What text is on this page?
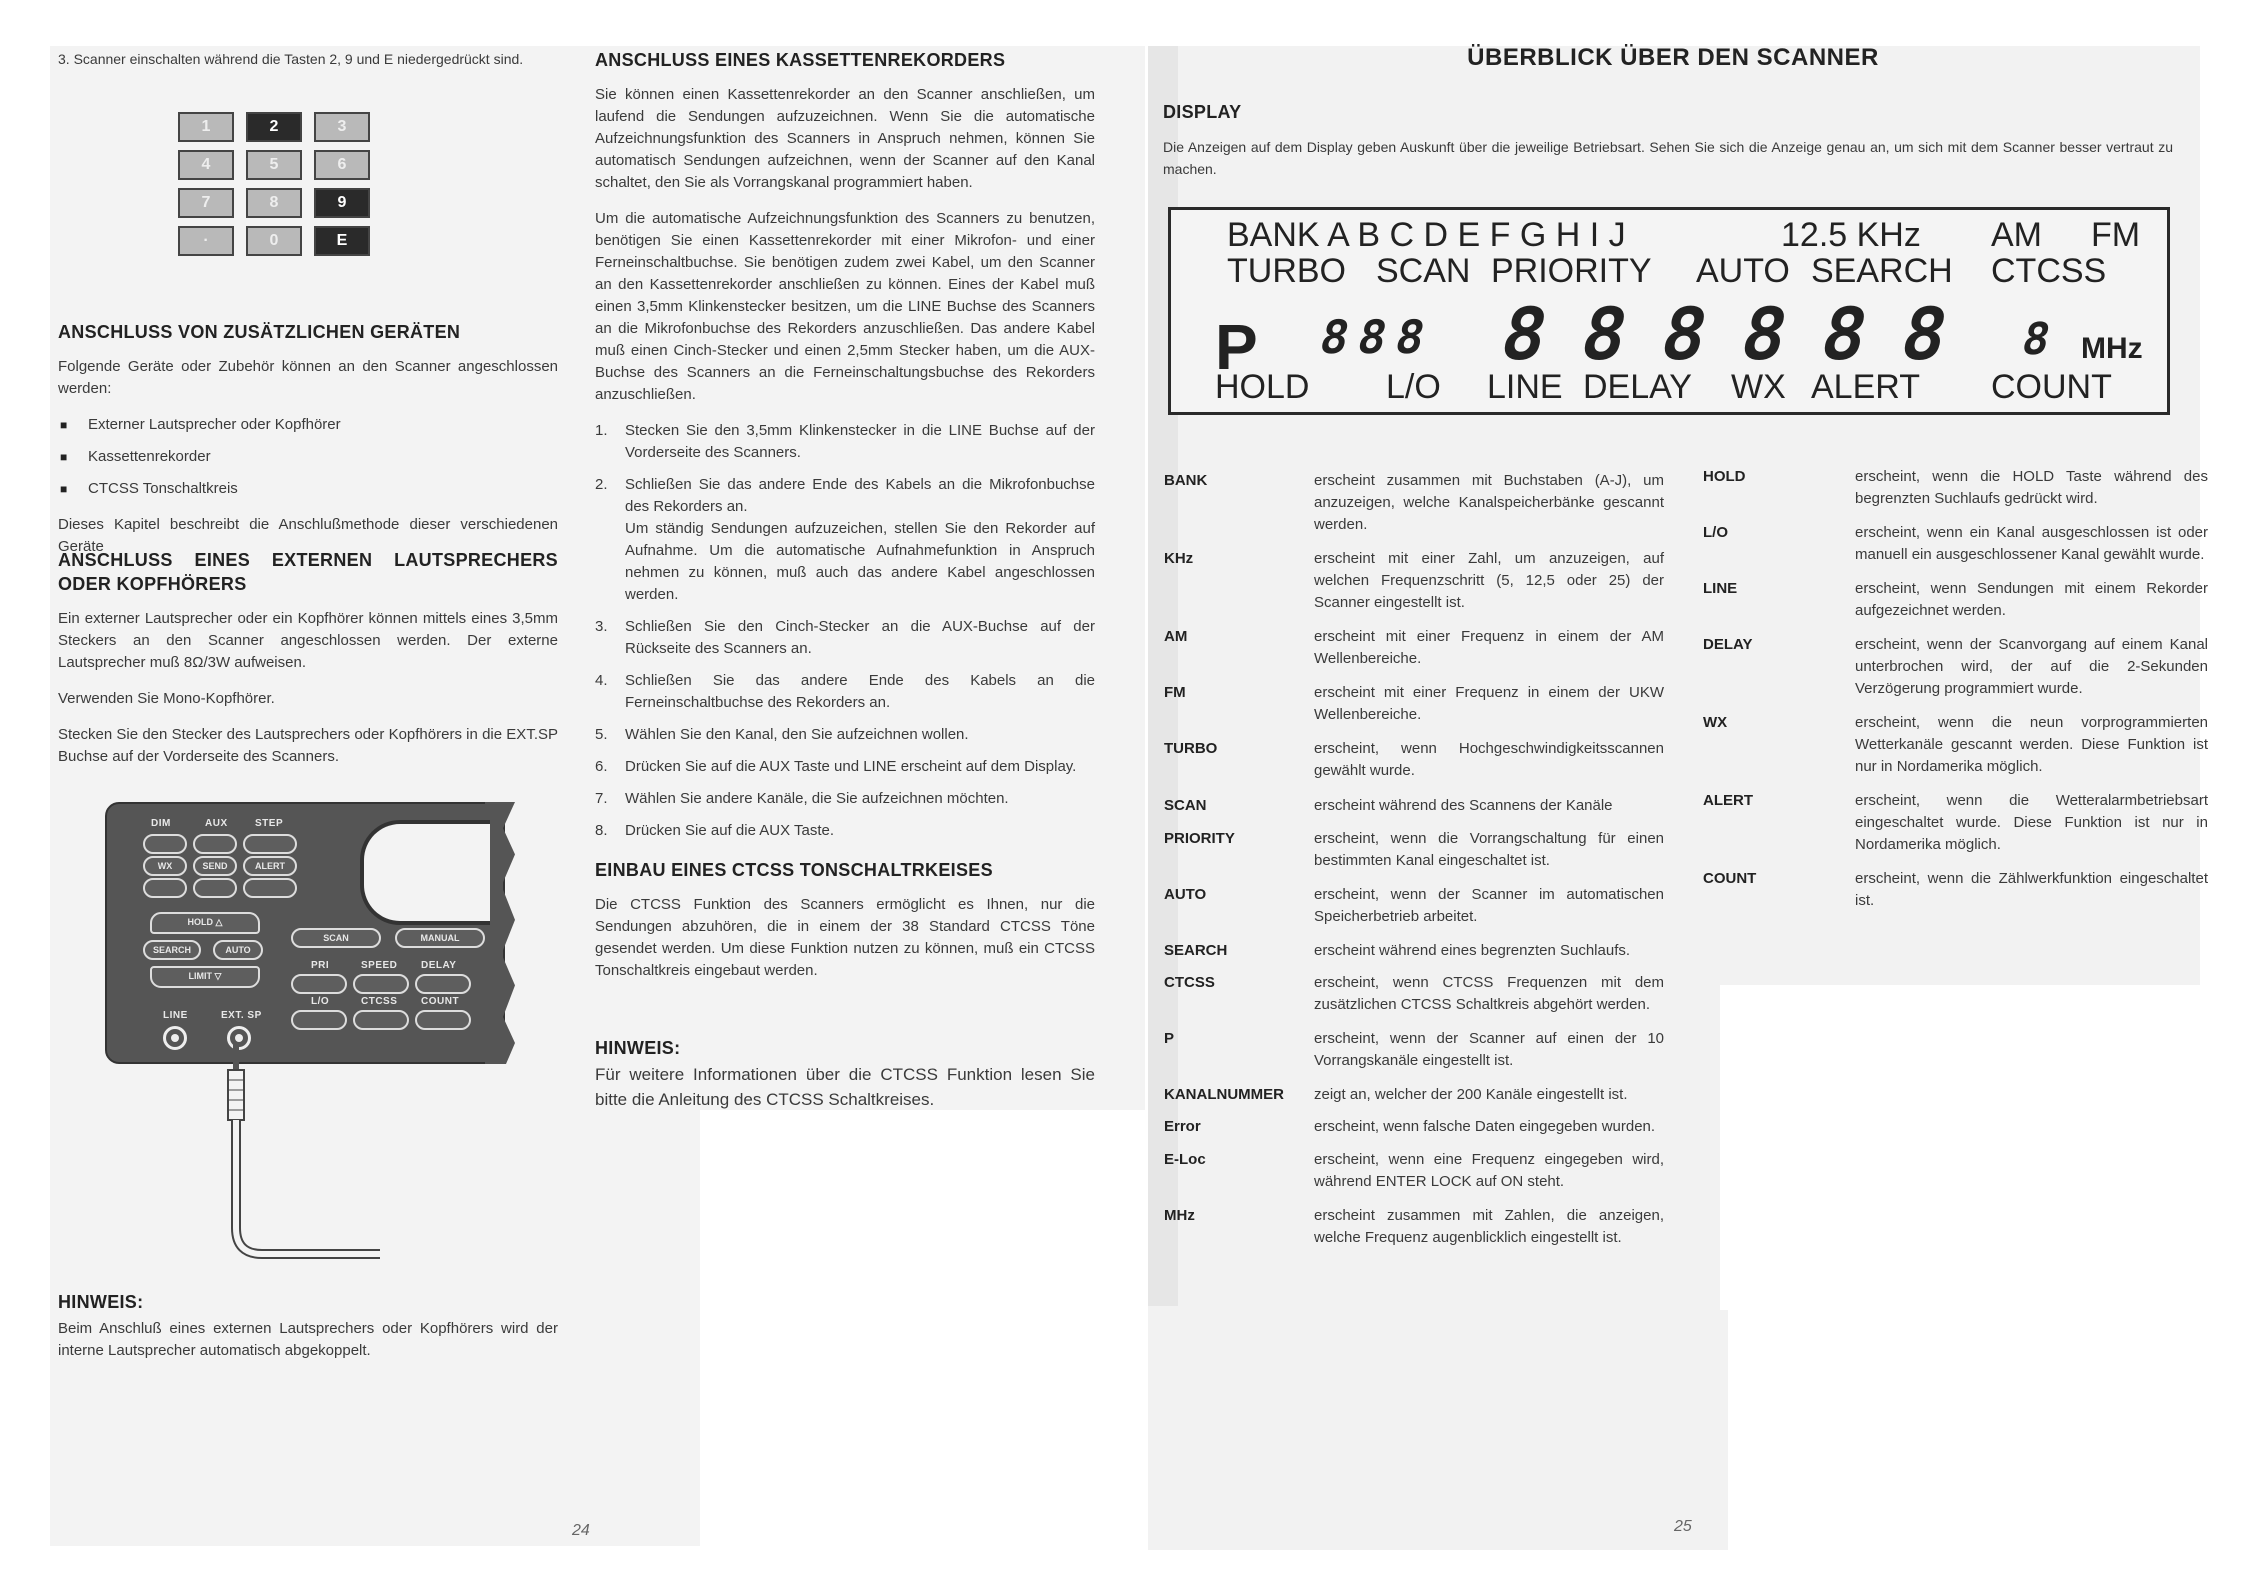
3. Scanner einschalten während die Tasten 2, 9 und E niedergedrückt sind.
1	2	3
4	5	6
7	8	9
·	0	E
ANSCHLUSS VON ZUSÄTZLICHEN GERÄTEN

Folgende Geräte oder Zubehör können an den Scanner angeschlossen werden:

■ Externer Lautsprecher oder Kopfhörer
■ Kassettenrekorder
■ CTCSS Tonschaltkreis

Dieses Kapitel beschreibt die Anschlußmethode dieser verschiedenen Geräte

ANSCHLUSS EINES EXTERNEN LAUTSPRECHERS ODER KOPFHÖRERS

Ein externer Lautsprecher oder ein Kopfhörer können mittels eines 3,5mm Steckers an den Scanner angeschlossen werden. Der externe Lautsprecher muß 8Ω/3W aufweisen.

Verwenden Sie Mono-Kopfhörer.

Stecken Sie den Stecker des Lautsprechers oder Kopfhörers in die EXT.SP Buchse auf der Vorderseite des Scanners.

DIM	AUX	STEP
WX	SEND	ALERT
HOLD △
SEARCH	AUTO
LIMIT ▽
SCAN	MANUAL
PRI	SPEED DELAY
L/O	CTCSS COUNT
LINE	EXT. SP
HINWEIS:

Beim Anschluß eines externen Lautsprechers oder Kopfhörers wird der interne Lautsprecher automatisch abgekoppelt.

ANSCHLUSS EINES KASSETTENREKORDERS

Sie können einen Kassettenrekorder an den Scanner anschließen, um laufend die Sendungen aufzuzeichnen. Wenn Sie die automatische Aufzeichnungsfunktion des Scanners in Anspruch nehmen, können Sie automatisch Sendungen aufzeichnen, wenn der Scanner auf den Kanal schaltet, den Sie als Vorrangskanal programmiert haben.

Um die automatische Aufzeichnungsfunktion des Scanners zu benutzen, benötigen Sie einen Kassettenrekorder mit einer Mikrofon- und einer Ferneinschaltbuchse. Sie benötigen zudem zwei Kabel, um den Scanner an den Kassettenrekorder anschließen zu können. Eines der Kabel muß einen 3,5mm Klinkenstecker besitzen, um die LINE Buchse des Scanners an die Mikrofonbuchse des Rekorders anzuschließen. Das andere Kabel muß einen Cinch-Stecker und einen 2,5mm Stecker haben, um die AUX-Buchse des Scanners an die Ferneinschaltungsbuchse des Rekorders anzuschließen.

1. Stecken Sie den 3,5mm Klinkenstecker in die LINE Buchse auf der Vorderseite des Scanners.
2. Schließen Sie das andere Ende des Kabels an die Mikrofonbuchse des Rekorders an.
Um ständig Sendungen aufzuzeichen, stellen Sie den Rekorder auf Aufnahme. Um die automatische Aufnahmefunktion in Anspruch nehmen zu können, muß auch das andere Kabel angeschlossen werden.
3. Schließen Sie den Cinch-Stecker an die AUX-Buchse auf der Rückseite des Scanners an.
4. Schließen Sie das andere Ende des Kabels an die Ferneinschaltbuchse des Rekorders an.
5. Wählen Sie den Kanal, den Sie aufzeichnen wollen.
6. Drücken Sie auf die AUX Taste und LINE erscheint auf dem Display.
7. Wählen Sie andere Kanäle, die Sie aufzeichnen möchten.
8. Drücken Sie auf die AUX Taste.
EINBAU EINES CTCSS TONSCHALTRKEISES

Die CTCSS Funktion des Scanners ermöglicht es Ihnen, nur die Sendungen abzuhören, die in einem der 38 Standard CTCSS Töne gesendet werden. Um diese Funktion nutzen zu können, muß ein CTCSS Tonschaltkreis eingebaut werden.

HINWEIS:

Für weitere Informationen über die CTCSS Funktion lesen Sie bitte die Anleitung des CTCSS Schaltkreises.

24
ÜBERBLICK ÜBER DEN SCANNER
DISPLAY

Die Anzeigen auf dem Display geben Auskunft über die jeweilige Betriebsart. Sehen Sie sich die Anzeige genau an, um sich mit dem Scanner besser vertraut zu machen.

BANK A B C D E F G H I J	12.5 KHz AM FM
TURBO SCAN PRIORITY AUTO SEARCH CTCSS
P 888 8 8 8 8 8 8 8 MHz
HOLD L/O LINE DELAY WX ALERT COUNT
BANK	erscheint zusammen mit Buchstaben (A-J), um anzuzeigen, welche Kanalspeicherbänke gescannt werden.
KHz	erscheint mit einer Zahl, um anzuzeigen, auf welchen Frequenzschritt (5, 12,5 oder 25) der Scanner eingestellt ist.
AM	erscheint mit einer Frequenz in einem der AM Wellenbereiche.
FM	erscheint mit einer Frequenz in einem der UKW Wellenbereiche.
TURBO	erscheint, wenn Hochgeschwindigkeitsscannen gewählt wurde.
SCAN	erscheint während des Scannens der Kanäle
PRIORITY	erscheint, wenn die Vorrangschaltung für einen bestimmten Kanal eingeschaltet ist.
AUTO	erscheint, wenn der Scanner im automatischen Speicherbetrieb arbeitet.
SEARCH	erscheint während eines begrenzten Suchlaufs.
CTCSS	erscheint, wenn CTCSS Frequenzen mit dem zusätzlichen CTCSS Schaltkreis abgehört werden.
P	erscheint, wenn der Scanner auf einen der 10 Vorrangskanäle eingestellt ist.
KANALNUMMER zeigt an, welcher der 200 Kanäle eingestellt ist.
Error	erscheint, wenn falsche Daten eingegeben wurden.
E-Loc	erscheint, wenn eine Frequenz eingegeben wird, während ENTER LOCK auf ON steht.
MHz	erscheint zusammen mit Zahlen, die anzeigen, welche Frequenz augenblicklich eingestellt ist.
HOLD	erscheint, wenn die HOLD Taste während des begrenzten Suchlaufs gedrückt wird.
L/O	erscheint, wenn ein Kanal ausgeschlossen ist oder manuell ein ausgeschlossener Kanal gewählt wurde.
LINE	erscheint, wenn Sendungen mit einem Rekorder aufgezeichnet werden.
DELAY	erscheint, wenn der Scanvorgang auf einem Kanal unterbrochen wird, der auf die 2-Sekunden Verzögerung programmiert wurde.
WX	erscheint, wenn die neun vorprogrammierten Wetterkanäle gescannt werden. Diese Funktion ist nur in Nordamerika möglich.
ALERT	erscheint, wenn die Wetteralarmbetriebsart eingeschaltet wurde. Diese Funktion ist nur in Nordamerika möglich.
COUNT	erscheint, wenn die Zählwerkfunktion eingeschaltet ist.
25
